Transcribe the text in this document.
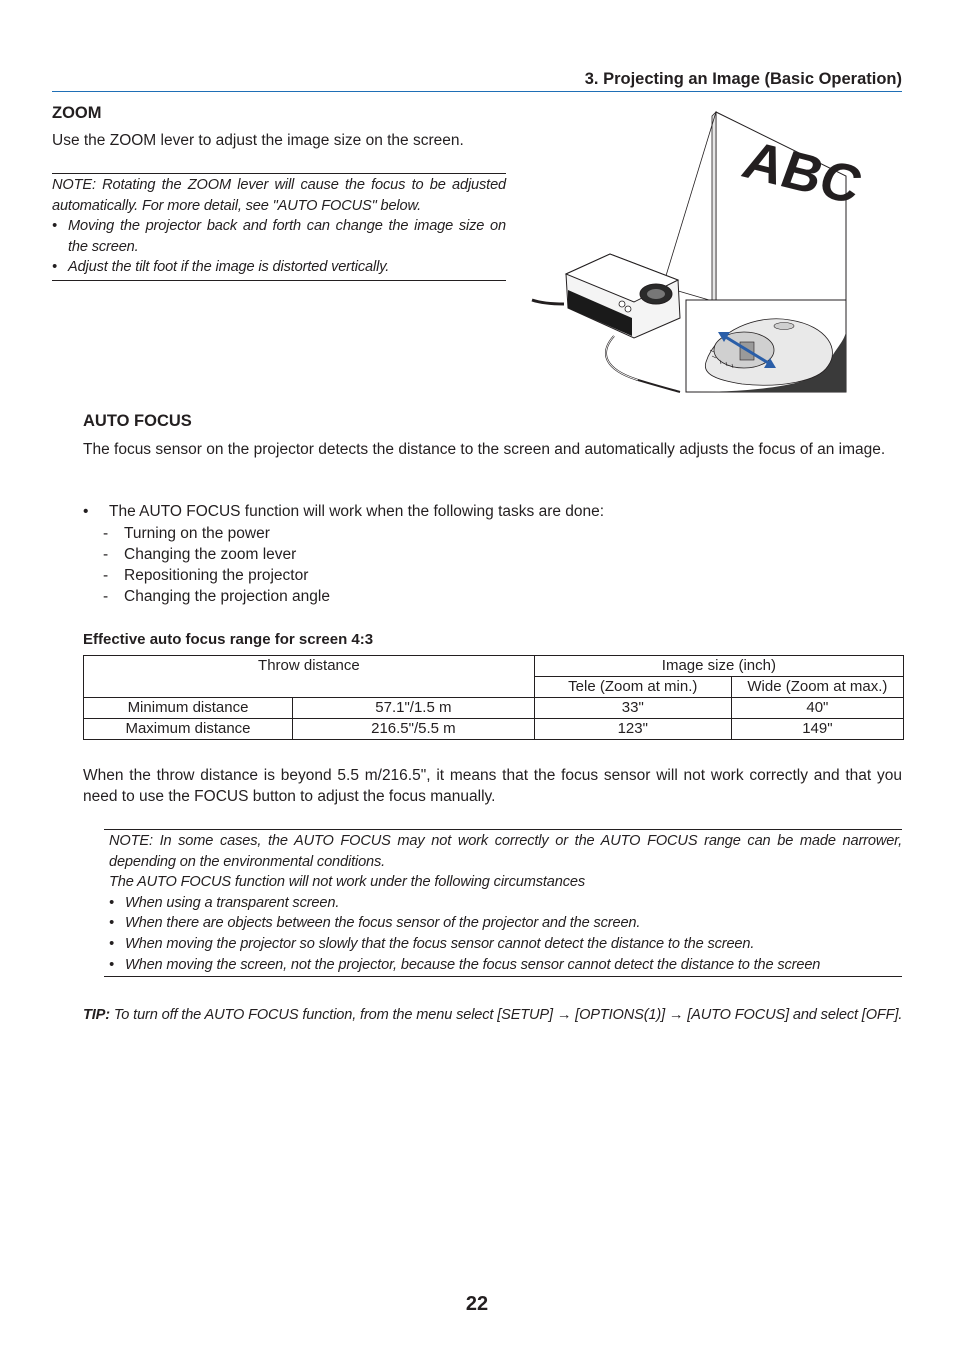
3. Projecting an Image (Basic Operation)
ZOOM
Use the ZOOM lever to adjust the image size on the screen.
NOTE: Rotating the ZOOM lever will cause the focus to be adjusted automatically. For more detail, see "AUTO FOCUS" below.
• Moving the projector back and forth can change the image size on the screen.
• Adjust the tilt foot if the image is distorted vertically.
ABC
AUTO FOCUS
The focus sensor on the projector detects the distance to the screen and automatically adjusts the focus of an image.
• The AUTO FOCUS function will work when the following tasks are done:
- Turning on the power
- Changing the zoom lever
- Repositioning the projector
- Changing the projection angle
Effective auto focus range for screen 4:3
Throw distance		Image size (inch)	
		Tele (Zoom at min.)	Wide (Zoom at max.)
Minimum distance	57.1"/1.5 m	33"	40"
Maximum distance	216.5"/5.5 m	123"	149"
When the throw distance is beyond 5.5 m/216.5", it means that the focus sensor will not work correctly and that you need to use the FOCUS button to adjust the focus manually.
NOTE: In some cases, the AUTO FOCUS may not work correctly or the AUTO FOCUS range can be made narrower, depending on the environmental conditions.
The AUTO FOCUS function will not work under the following circumstances
• When using a transparent screen.
• When there are objects between the focus sensor of the projector and the screen.
• When moving the projector so slowly that the focus sensor cannot detect the distance to the screen.
• When moving the screen, not the projector, because the focus sensor cannot detect the distance to the screen
TIP: To turn off the AUTO FOCUS function, from the menu select [SETUP] → [OPTIONS(1)] → [AUTO FOCUS] and select [OFF].
22
